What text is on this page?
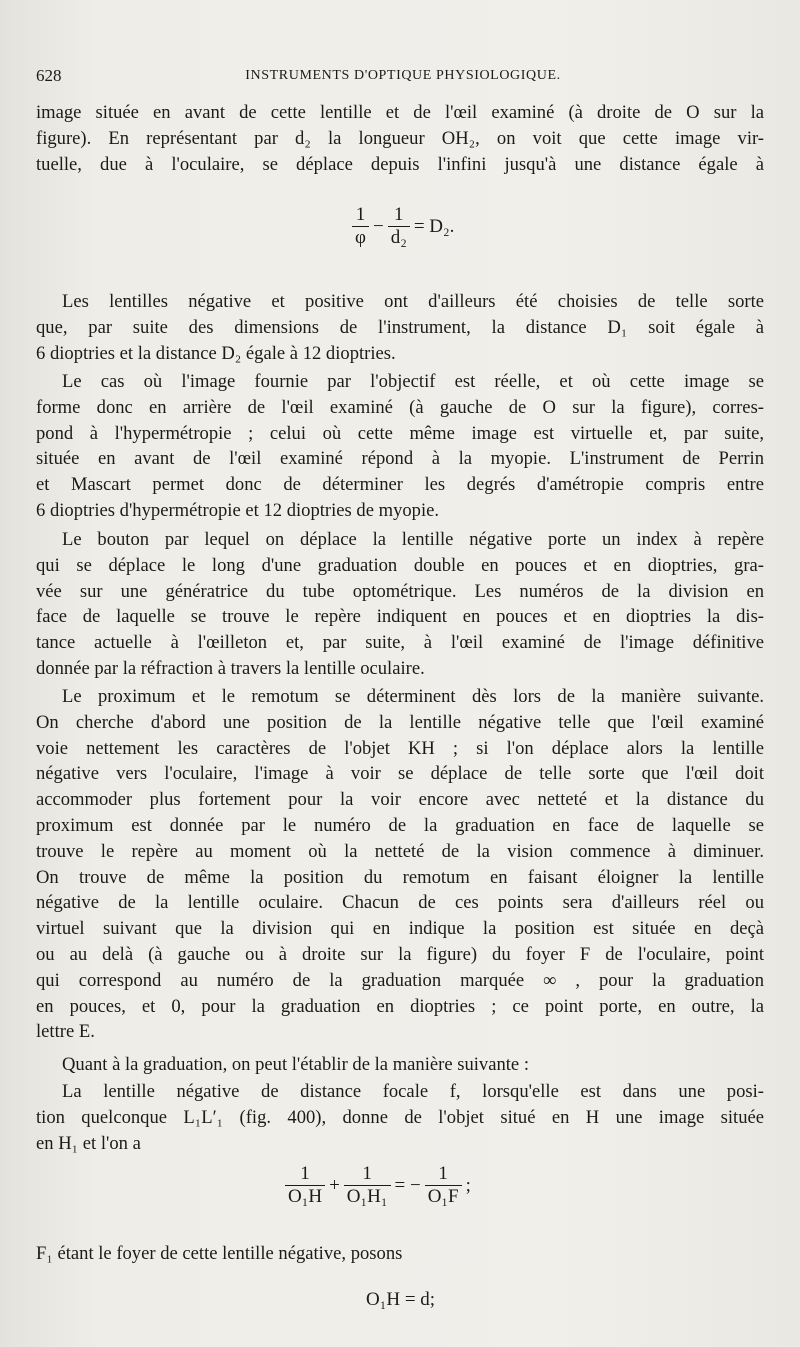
628	INSTRUMENTS D'OPTIQUE PHYSIOLOGIQUE.
image située en avant de cette lentille et de l'œil examiné (à droite de O sur la
figure). En représentant par d₂ la longueur OH₂, on voit que cette image vir-
tuelle, due à l'oculaire, se déplace depuis l'infini jusqu'à une distance égale à
$\frac{1}{\varphi} - \frac{1}{\text{d₂}} = D_2$.
Les lentilles négative et positive ont d'ailleurs été choisies de telle sorte
que, par suite des dimensions de l'instrument, la distance D₁ soit égale à
6 dioptries et la distance D₂ égale à 12 dioptries.
Le cas où l'image fournie par l'objectif est réelle, et où cette image se
forme donc en arrière de l'œil examiné (à gauche de O sur la figure), corres-
pond à l'hypermétropie ; celui où cette même image est virtuelle et, par suite,
située en avant de l'œil examiné répond à la myopie. L'instrument de Perrin
et Mascart permet donc de déterminer les degrés d'amétropie compris entre
6 dioptries d'hypermétropie et 12 dioptries de myopie.
Le bouton par lequel on déplace la lentille négative porte un index à repère
qui se déplace le long d'une graduation double en pouces et en dioptries, gra-
vée sur une génératrice du tube optométrique. Les numéros de la division en
face de laquelle se trouve le repère indiquent en pouces et en dioptries la dis-
tance actuelle à l'œilleton et, par suite, à l'œil examiné de l'image définitive
donnée par la réfraction à travers la lentille oculaire.
Le proximum et le remotum se déterminent dès lors de la manière suivante.
On cherche d'abord une position de la lentille négative telle que l'œil examiné
voie nettement les caractères de l'objet KH ; si l'on déplace alors la lentille
négative vers l'oculaire, l'image à voir se déplace de telle sorte que l'œil doit
accommoder plus fortement pour la voir encore avec netteté et la distance du
proximum est donnée par le numéro de la graduation en face de laquelle se
trouve le repère au moment où la netteté de la vision commence à diminuer.
On trouve de même la position du remotum en faisant éloigner la lentille
négative de la lentille oculaire. Chacun de ces points sera d'ailleurs réel ou
virtuel suivant que la division qui en indique la position est située en deçà
ou au delà (à gauche ou à droite sur la figure) du foyer F de l'oculaire, point
qui correspond au numéro de la graduation marquée ∞ , pour la graduation
en pouces, et 0, pour la graduation en dioptries ; ce point porte, en outre, la
lettre E.
Quant à la graduation, on peut l'établir de la manière suivante :
La lentille négative de distance focale f, lorsqu'elle est dans une posi-
tion quelconque L₁L′₁ (fig. 400), donne de l'objet situé en H une image située
en H₁ et l'on a
$\frac{1}{\text{O₁H}} + \frac{1}{\text{O₁H₁}}$ = − $\frac{1}{\text{O₁F}}$ ;
F₁ étant le foyer de cette lentille négative, posons
O₁H = d;
